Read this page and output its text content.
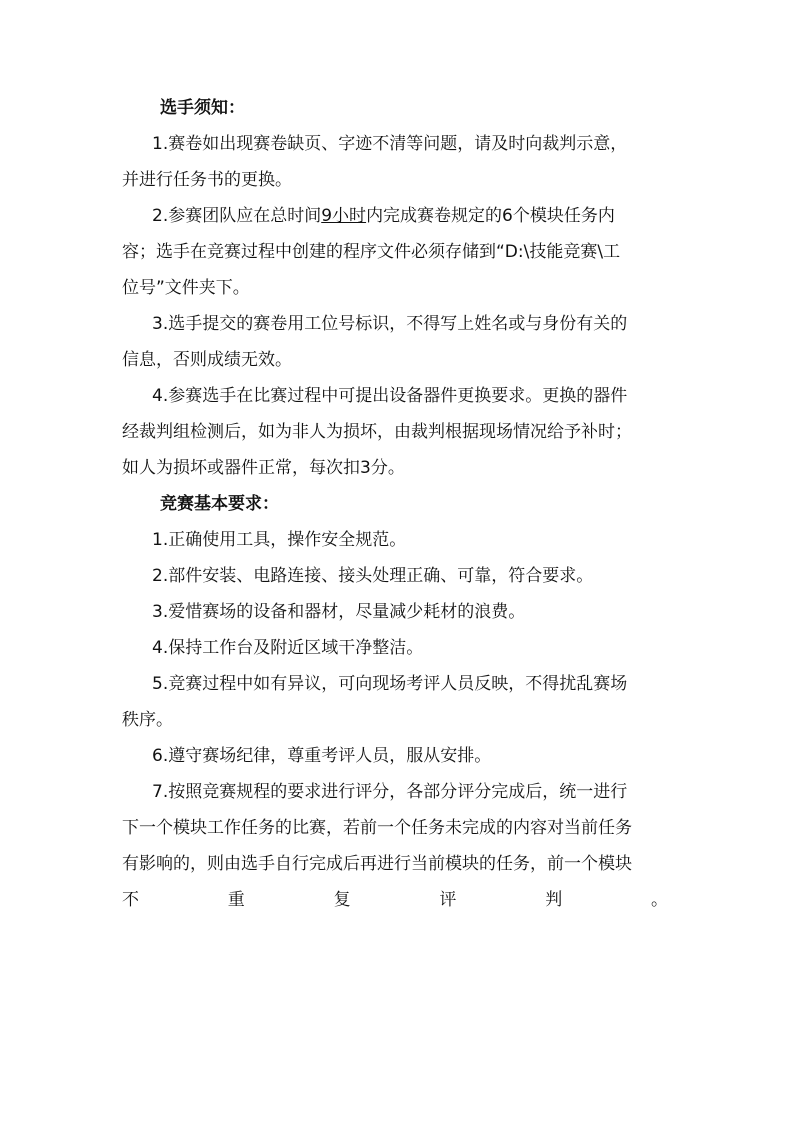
选手须知：
1.赛卷如出现赛卷缺页、字迹不清等问题，请及时向裁判示意，
并进行任务书的更换。
2.参赛团队应在总时间9小时内完成赛卷规定的6个模块任务内
容；选手在竞赛过程中创建的程序文件必须存储到“D:\技能竞赛\工
位号”文件夹下。
3.选手提交的赛卷用工位号标识，不得写上姓名或与身份有关的
信息，否则成绩无效。
4.参赛选手在比赛过程中可提出设备器件更换要求。更换的器件
经裁判组检测后，如为非人为损坏，由裁判根据现场情况给予补时；
如人为损坏或器件正常，每次扣3分。
竞赛基本要求：
1.正确使用工具，操作安全规范。
2.部件安装、电路连接、接头处理正确、可靠，符合要求。
3.爱惜赛场的设备和器材，尽量减少耗材的浪费。
4.保持工作台及附近区域干净整洁。
5.竞赛过程中如有异议，可向现场考评人员反映，不得扰乱赛场
秩序。
6.遵守赛场纪律，尊重考评人员，服从安排。
7.按照竞赛规程的要求进行评分，各部分评分完成后，统一进行
下一个模块工作任务的比赛，若前一个任务未完成的内容对当前任务
有影响的，则由选手自行完成后再进行当前模块的任务，前一个模块
不	重	复	评	判	。
